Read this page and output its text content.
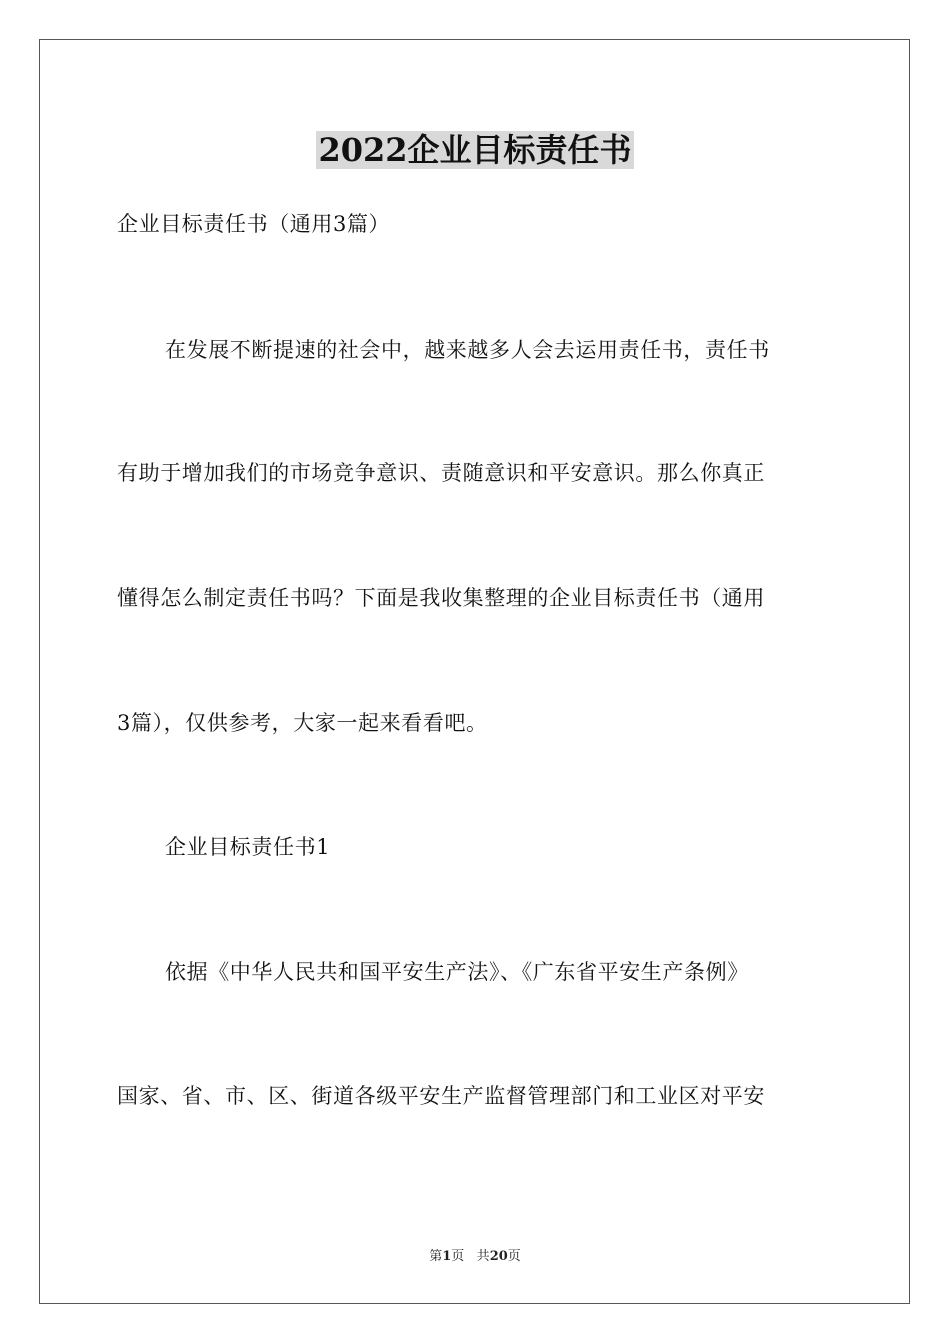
2022企业目标责任书
企业目标责任书（通用3篇）
在发展不断提速的社会中，越来越多人会去运用责任书，责任书
有助于增加我们的市场竞争意识、责随意识和平安意识。那么你真正
懂得怎么制定责任书吗？下面是我收集整理的企业目标责任书（通用
3篇），仅供参考，大家一起来看看吧。
企业目标责任书1
依据《中华人民共和国平安生产法》、《广东省平安生产条例》
国家、省、市、区、街道各级平安生产监督管理部门和工业区对平安
第1页 共20页
